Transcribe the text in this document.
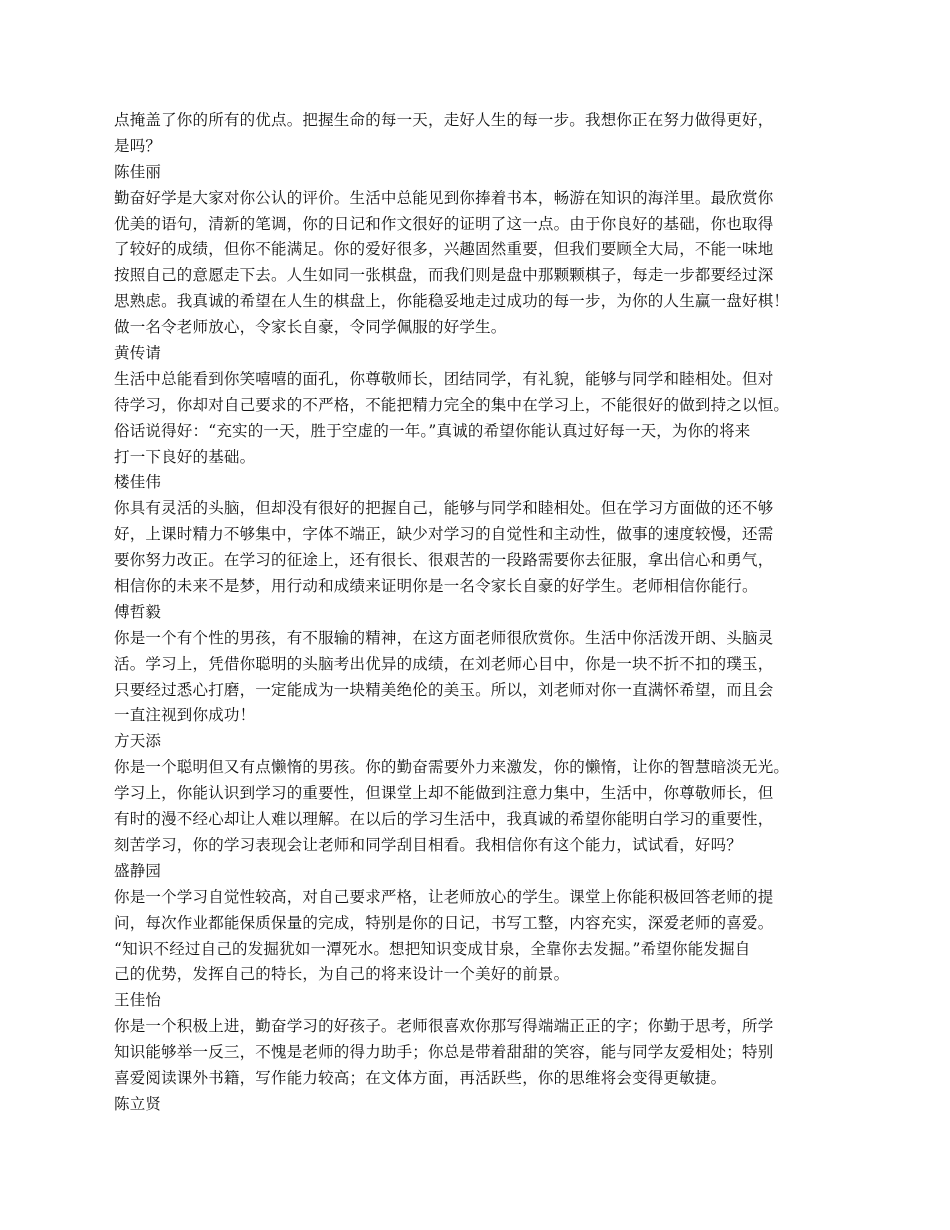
点掩盖了你的所有的优点。把握生命的每一天，走好人生的每一步。我想你正在努力做得更好，
是吗？
陈佳丽
勤奋好学是大家对你公认的评价。生活中总能见到你捧着书本，畅游在知识的海洋里。最欣赏你
优美的语句，清新的笔调，你的日记和作文很好的证明了这一点。由于你良好的基础，你也取得
了较好的成绩，但你不能满足。你的爱好很多，兴趣固然重要，但我们要顾全大局，不能一味地
按照自己的意愿走下去。人生如同一张棋盘，而我们则是盘中那颗颗棋子，每走一步都要经过深
思熟虑。我真诚的希望在人生的棋盘上，你能稳妥地走过成功的每一步，为你的人生赢一盘好棋！
做一名令老师放心，令家长自豪，令同学佩服的好学生。
黄传请
生活中总能看到你笑嘻嘻的面孔，你尊敬师长，团结同学，有礼貌，能够与同学和睦相处。但对
待学习，你却对自己要求的不严格，不能把精力完全的集中在学习上，不能很好的做到持之以恒。
俗话说得好：“充实的一天，胜于空虚的一年。”真诚的希望你能认真过好每一天，为你的将来
打一下良好的基础。
楼佳伟
你具有灵活的头脑，但却没有很好的把握自己，能够与同学和睦相处。但在学习方面做的还不够
好，上课时精力不够集中，字体不端正，缺少对学习的自觉性和主动性，做事的速度较慢，还需
要你努力改正。在学习的征途上，还有很长、很艰苦的一段路需要你去征服，拿出信心和勇气，
相信你的未来不是梦，用行动和成绩来证明你是一名令家长自豪的好学生。老师相信你能行。
傅哲毅
你是一个有个性的男孩，有不服输的精神，在这方面老师很欣赏你。生活中你活泼开朗、头脑灵
活。学习上，凭借你聪明的头脑考出优异的成绩，在刘老师心目中，你是一块不折不扣的璞玉，
只要经过悉心打磨，一定能成为一块精美绝伦的美玉。所以，刘老师对你一直满怀希望，而且会
一直注视到你成功！
方天添
你是一个聪明但又有点懒惰的男孩。你的勤奋需要外力来激发，你的懒惰，让你的智慧暗淡无光。
学习上，你能认识到学习的重要性，但课堂上却不能做到注意力集中，生活中，你尊敬师长，但
有时的漫不经心却让人难以理解。在以后的学习生活中，我真诚的希望你能明白学习的重要性，
刻苦学习，你的学习表现会让老师和同学刮目相看。我相信你有这个能力，试试看，好吗？
盛静园
你是一个学习自觉性较高，对自己要求严格，让老师放心的学生。课堂上你能积极回答老师的提
问，每次作业都能保质保量的完成，特别是你的日记，书写工整，内容充实，深爱老师的喜爱。
“知识不经过自己的发掘犹如一潭死水。想把知识变成甘泉，全靠你去发掘。”希望你能发掘自
己的优势，发挥自己的特长，为自己的将来设计一个美好的前景。
王佳怡
你是一个积极上进，勤奋学习的好孩子。老师很喜欢你那写得端端正正的字；你勤于思考，所学
知识能够举一反三，不愧是老师的得力助手；你总是带着甜甜的笑容，能与同学友爱相处；特别
喜爱阅读课外书籍，写作能力较高；在文体方面，再活跃些，你的思维将会变得更敏捷。
陈立贤
